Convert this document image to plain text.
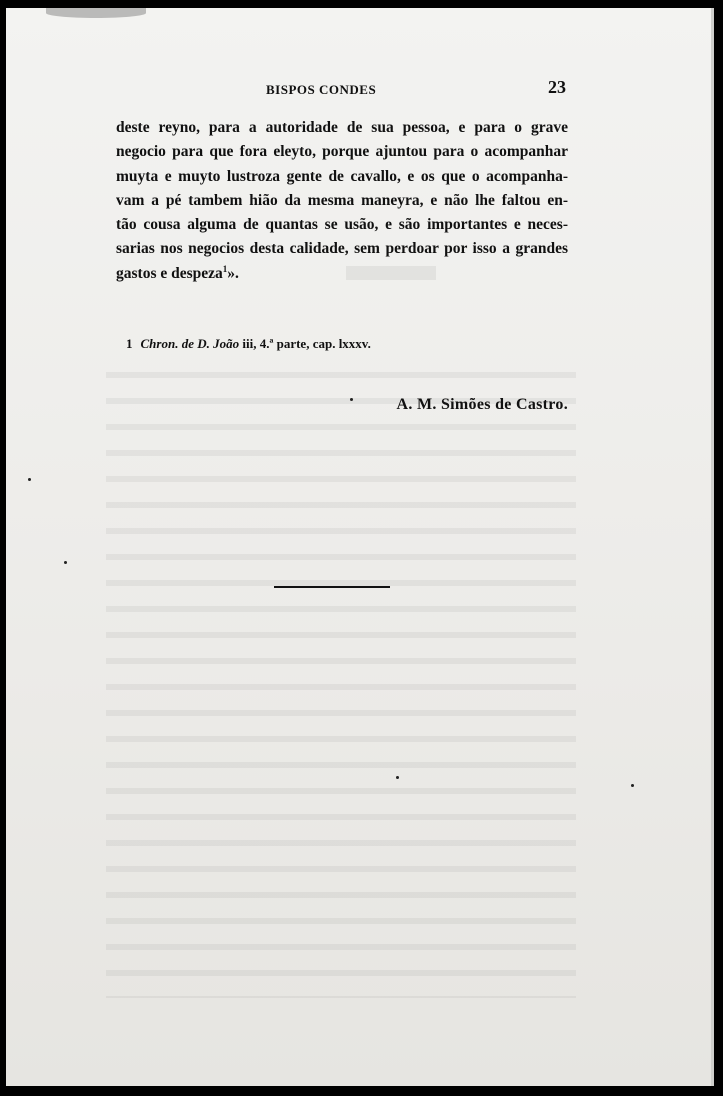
BISPOS CONDES	23
deste reyno, para a autoridade de sua pessoa, e para o grave
negocio para que fora eleyto, porque ajuntou para o acompanhar
muyta e muyto lustroza gente de cavallo, e os que o acompanha-
vam a pé tambem hião da mesma maneyra, e não lhe faltou en-
tão cousa alguma de quantas se usão, e são importantes e neces-
sarias nos negocios desta calidade, sem perdoar por isso a grandes
gastos e despeza$^1$».
A. M. Simões de Castro.
1 Chron. de D. João iii, 4.ª parte, cap. lxxxv.
